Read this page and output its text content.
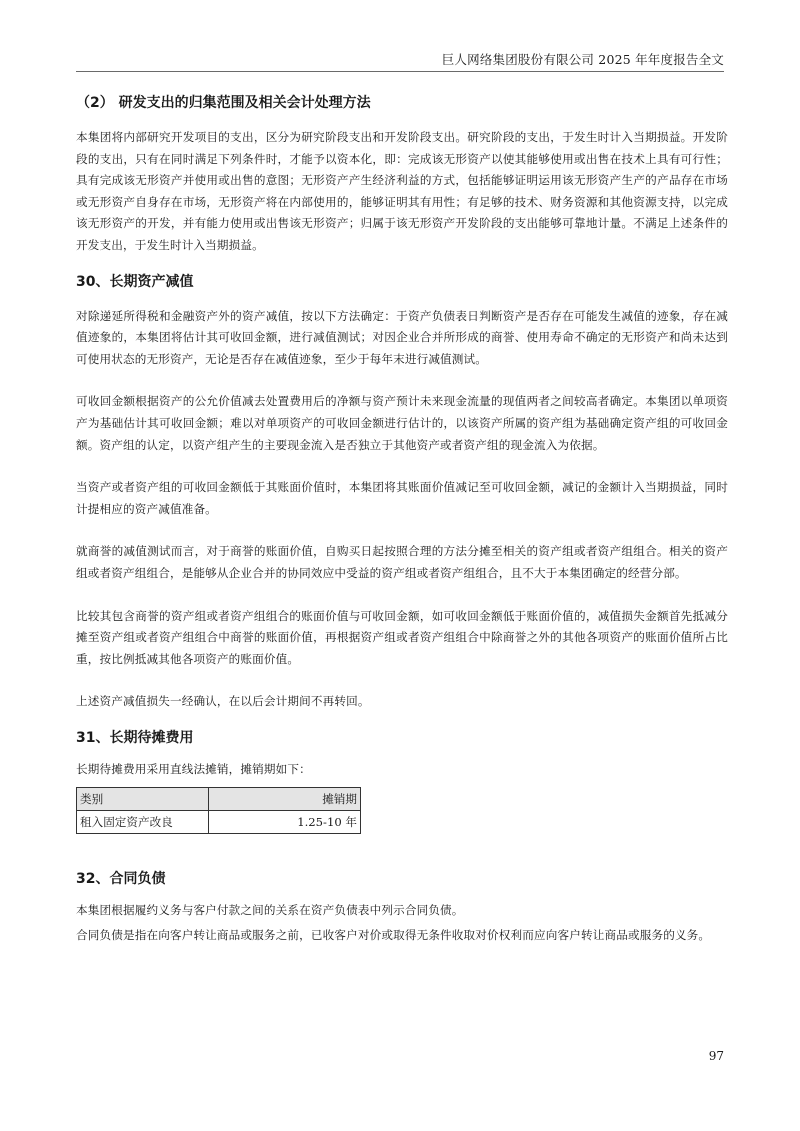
巨人网络集团股份有限公司 2025 年年度报告全文
（2） 研发支出的归集范围及相关会计处理方法

本集团将内部研究开发项目的支出，区分为研究阶段支出和开发阶段支出。研究阶段的支出，于发生时计入当期损益。开发阶段的支出，只有在同时满足下列条件时，才能予以资本化，即：完成该无形资产以使其能够使用或出售在技术上具有可行性；具有完成该无形资产并使用或出售的意图；无形资产产生经济利益的方式，包括能够证明运用该无形资产生产的产品存在市场或无形资产自身存在市场，无形资产将在内部使用的，能够证明其有用性；有足够的技术、财务资源和其他资源支持，以完成该无形资产的开发，并有能力使用或出售该无形资产；归属于该无形资产开发阶段的支出能够可靠地计量。不满足上述条件的开发支出，于发生时计入当期损益。

30、长期资产减值

对除递延所得税和金融资产外的资产减值，按以下方法确定：于资产负债表日判断资产是否存在可能发生减值的迹象，存在减值迹象的，本集团将估计其可收回金额，进行减值测试；对因企业合并所形成的商誉、使用寿命不确定的无形资产和尚未达到可使用状态的无形资产，无论是否存在减值迹象，至少于每年末进行减值测试。

可收回金额根据资产的公允价值减去处置费用后的净额与资产预计未来现金流量的现值两者之间较高者确定。本集团以单项资产为基础估计其可收回金额；难以对单项资产的可收回金额进行估计的，以该资产所属的资产组为基础确定资产组的可收回金额。资产组的认定，以资产组产生的主要现金流入是否独立于其他资产或者资产组的现金流入为依据。

当资产或者资产组的可收回金额低于其账面价值时，本集团将其账面价值减记至可收回金额，减记的金额计入当期损益，同时计提相应的资产减值准备。

就商誉的减值测试而言，对于商誉的账面价值，自购买日起按照合理的方法分摊至相关的资产组或者资产组组合。相关的资产组或者资产组组合，是能够从企业合并的协同效应中受益的资产组或者资产组组合，且不大于本集团确定的经营分部。

比较其包含商誉的资产组或者资产组组合的账面价值与可收回金额，如可收回金额低于账面价值的，减值损失金额首先抵减分摊至资产组或者资产组组合中商誉的账面价值，再根据资产组或者资产组组合中除商誉之外的其他各项资产的账面价值所占比重，按比例抵减其他各项资产的账面价值。

上述资产减值损失一经确认，在以后会计期间不再转回。

31、长期待摊费用

长期待摊费用采用直线法摊销，摊销期如下：

类别	摊销期
租入固定资产改良	1.25-10 年
32、合同负债

本集团根据履约义务与客户付款之间的关系在资产负债表中列示合同负债。

合同负债是指在向客户转让商品或服务之前，已收客户对价或取得无条件收取对价权利而应向客户转让商品或服务的义务。

97
